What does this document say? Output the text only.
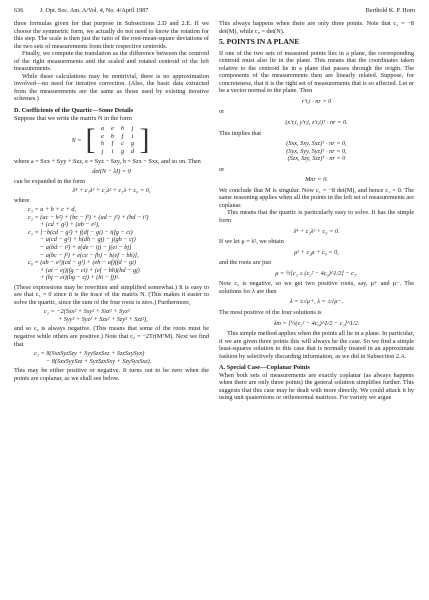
636	J. Opt. Soc. Am. A/Vol. 4, No. 4/April 1987	Berthold K. P. Horn

three formulas given for that purpose in Subsections 2.D and 2.E. If we choose the symmetric form, we actually do not need to know the rotation for this step. The scale is then just the ratio of the root-mean-square deviations of the two sets of measurements from their respective centroids.

Finally, we compute the translation as the difference between the centroid of the right measurements and the scaled and rotated centroid of the left measurements.

While these calculations may be nontrivial, there is no approximation involved—no need for iterative correction. (Also, the basic data extracted from the measurements are the same as those used by existing iterative schemes.)

D. Coefficients of the Quartic—Some Details

Suppose that we write the matrix N in the form

N = [ a	e	h	j
e	b	f	i
h	f	c	g
j	i	g	d ]

where a = Sxx + Syy + Szz, e = Syz − Szy, h = Szx − Sxz, and so on. Then

det(N − λI) = 0

can be expanded in the form

λ⁴ + c₃λ³ + c₂λ² + c₁λ + c₀ = 0,

where

c₃ = a + b + c + d,

c₂ = (ac − h²) + (bc − f²) + (ad − j²) + (bd − i²)

+ (cd + g²) + (ab − e²),

c₁ = [−b(cd − g²) + f(df − gi) − i(fg − ci)

− a(cd − g²) + h(dh − gj) − j(gh − cj)

− a(bd − i²) + e(de − ij) − j(ei − bj)

− a(bc − f²) + e(ce − fh) − h(ef − bh)],

c₀ = (ab − e²)(cd − g²) + (eh − af)(fd − gi)

+ (ai − ej)(fg − ci) + (ef − bh)(hd − gj)

+ (bj − ei)(hg − cj) + (hi − fj)².

(These expressions may be rewritten and simplified somewhat.) It is easy to see that c₃ = 0 since it is the trace of the matrix N. (This makes it easier to solve the quartic, since the sum of the four roots is zero.) Furthermore,

c₂ = −2(Sxx² + Sxy² + Sxz² + Syx²

+ Syy² + Syz² + Szx² + Szy² + Szz²),

and so c₂ is always negative. (This means that some of the roots must be negative while others are positive.) Note that c₂ = −2Tr(MᵀM). Next we find that

c₁ = 8(SxxSyzSzy + SyySzxSxz + SzzSxySyx)

− 8(SxxSyySzz + SyzSzxSxy + SzySyxSxz).

This may be either positive or negative. It turns out to be zero when the points are coplanar, as we shall see below.

This always happens when there are only three points. Note that c₁ = −8 det(M), while c₀ = det(N).

5. POINTS IN A PLANE

If one of the two sets of measured points lies in a plane, the corresponding centroid must also lie in the plane. This means that the coordinates taken relative to the centroid lie in a plane that passes through the origin. The components of the measurements then are linearly related. Suppose, for concreteness, that it is the right set of measurements that is so affected. Let nr be a vector normal to the plane. Then

r′r,i · nr = 0

or

(x′r,i, y′r,i, z′r,i)ᵀ · nr = 0.

This implies that

(Sxx, Sxy, Sxz)ᵀ · nr = 0,

(Syx, Syy, Syz)ᵀ · nr = 0,

(Szx, Szy, Szz)ᵀ · nr = 0

or

Mnr = 0.

We conclude that M is singular. Now c₁ = −8 det(M), and hence c₁ = 0. The same reasoning applies when all the points in the left set of measurements are coplanar.

This means that the quartic is particularly easy to solve. It has the simple form

λ⁴ + c₂λ² + c₀ = 0.

If we let μ = λ², we obtain

μ² + c₂μ + c₀ = 0,

and the roots are just

μ = ½[c₂ ± (c₂² − 4c₀)^1/2] − c₂.

Now c₂ is negative, so we get two positive roots, say, μ+ and μ−. The solutions for λ are then

λ = ±√μ+, λ = ±√μ−.

The most positive of the four solutions is

λm = [½(c₂² − 4c₀)^1/2 − c₂]^1/2.

This simple method applies when the points all lie in a plane. In particular, if we are given three points this will always be the case. So we find a simple least-squares solution to this case that is normally treated in an approximate fashion by selectively discarding information, as we did in Subsection 2.A.

A. Special Case—Coplanar Points

When both sets of measurements are exactly coplanar (as always happens when there are only three points) the general solution simplifies further. This suggests that this case may be dealt with more directly. We could attack it by using unit quaternions or orthonormal matrices. For variety we argue
